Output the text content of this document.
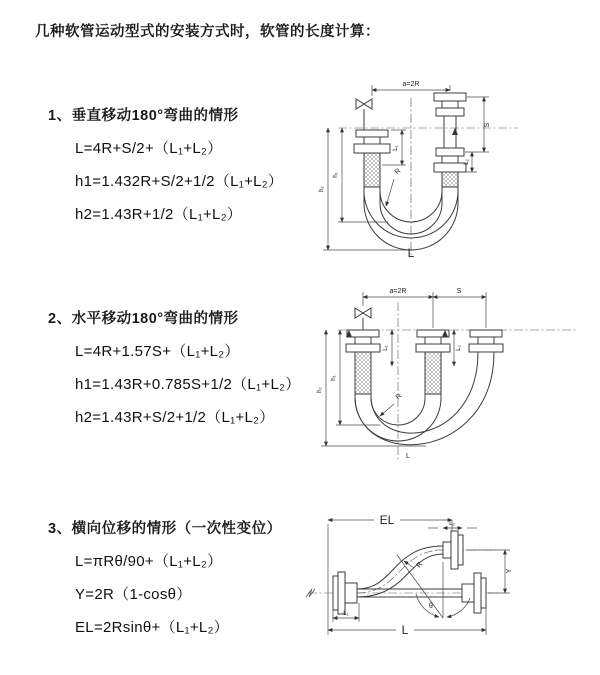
几种软管运动型式的安装方式时，软管的长度计算：
1、垂直移动180°弯曲的情形
L=4R+S/2+（L₁+L₂）
h1=1.432R+S/2+1/2（L₁+L₂）
h2=1.43R+1/2（L₁+L₂）
2、水平移动180°弯曲的情形
L=4R+1.57S+（L₁+L₂）
h1=1.43R+0.785S+1/2（L₁+L₂）
h2=1.43R+S/2+1/2（L₁+L₂）
3、横向位移的情形（一次性变位）
L=πRθ/90+（L₁+L₂）
Y=2R（1-cosθ）
EL=2Rsinθ+（L₁+L₂）
a=2R
L₁
S
L₂
h₁
h₂
R
L
a=2R	S
L₁	L₂
h₁
h₂
R
L
EL	L₂
Y
θ
R
L₁
L
